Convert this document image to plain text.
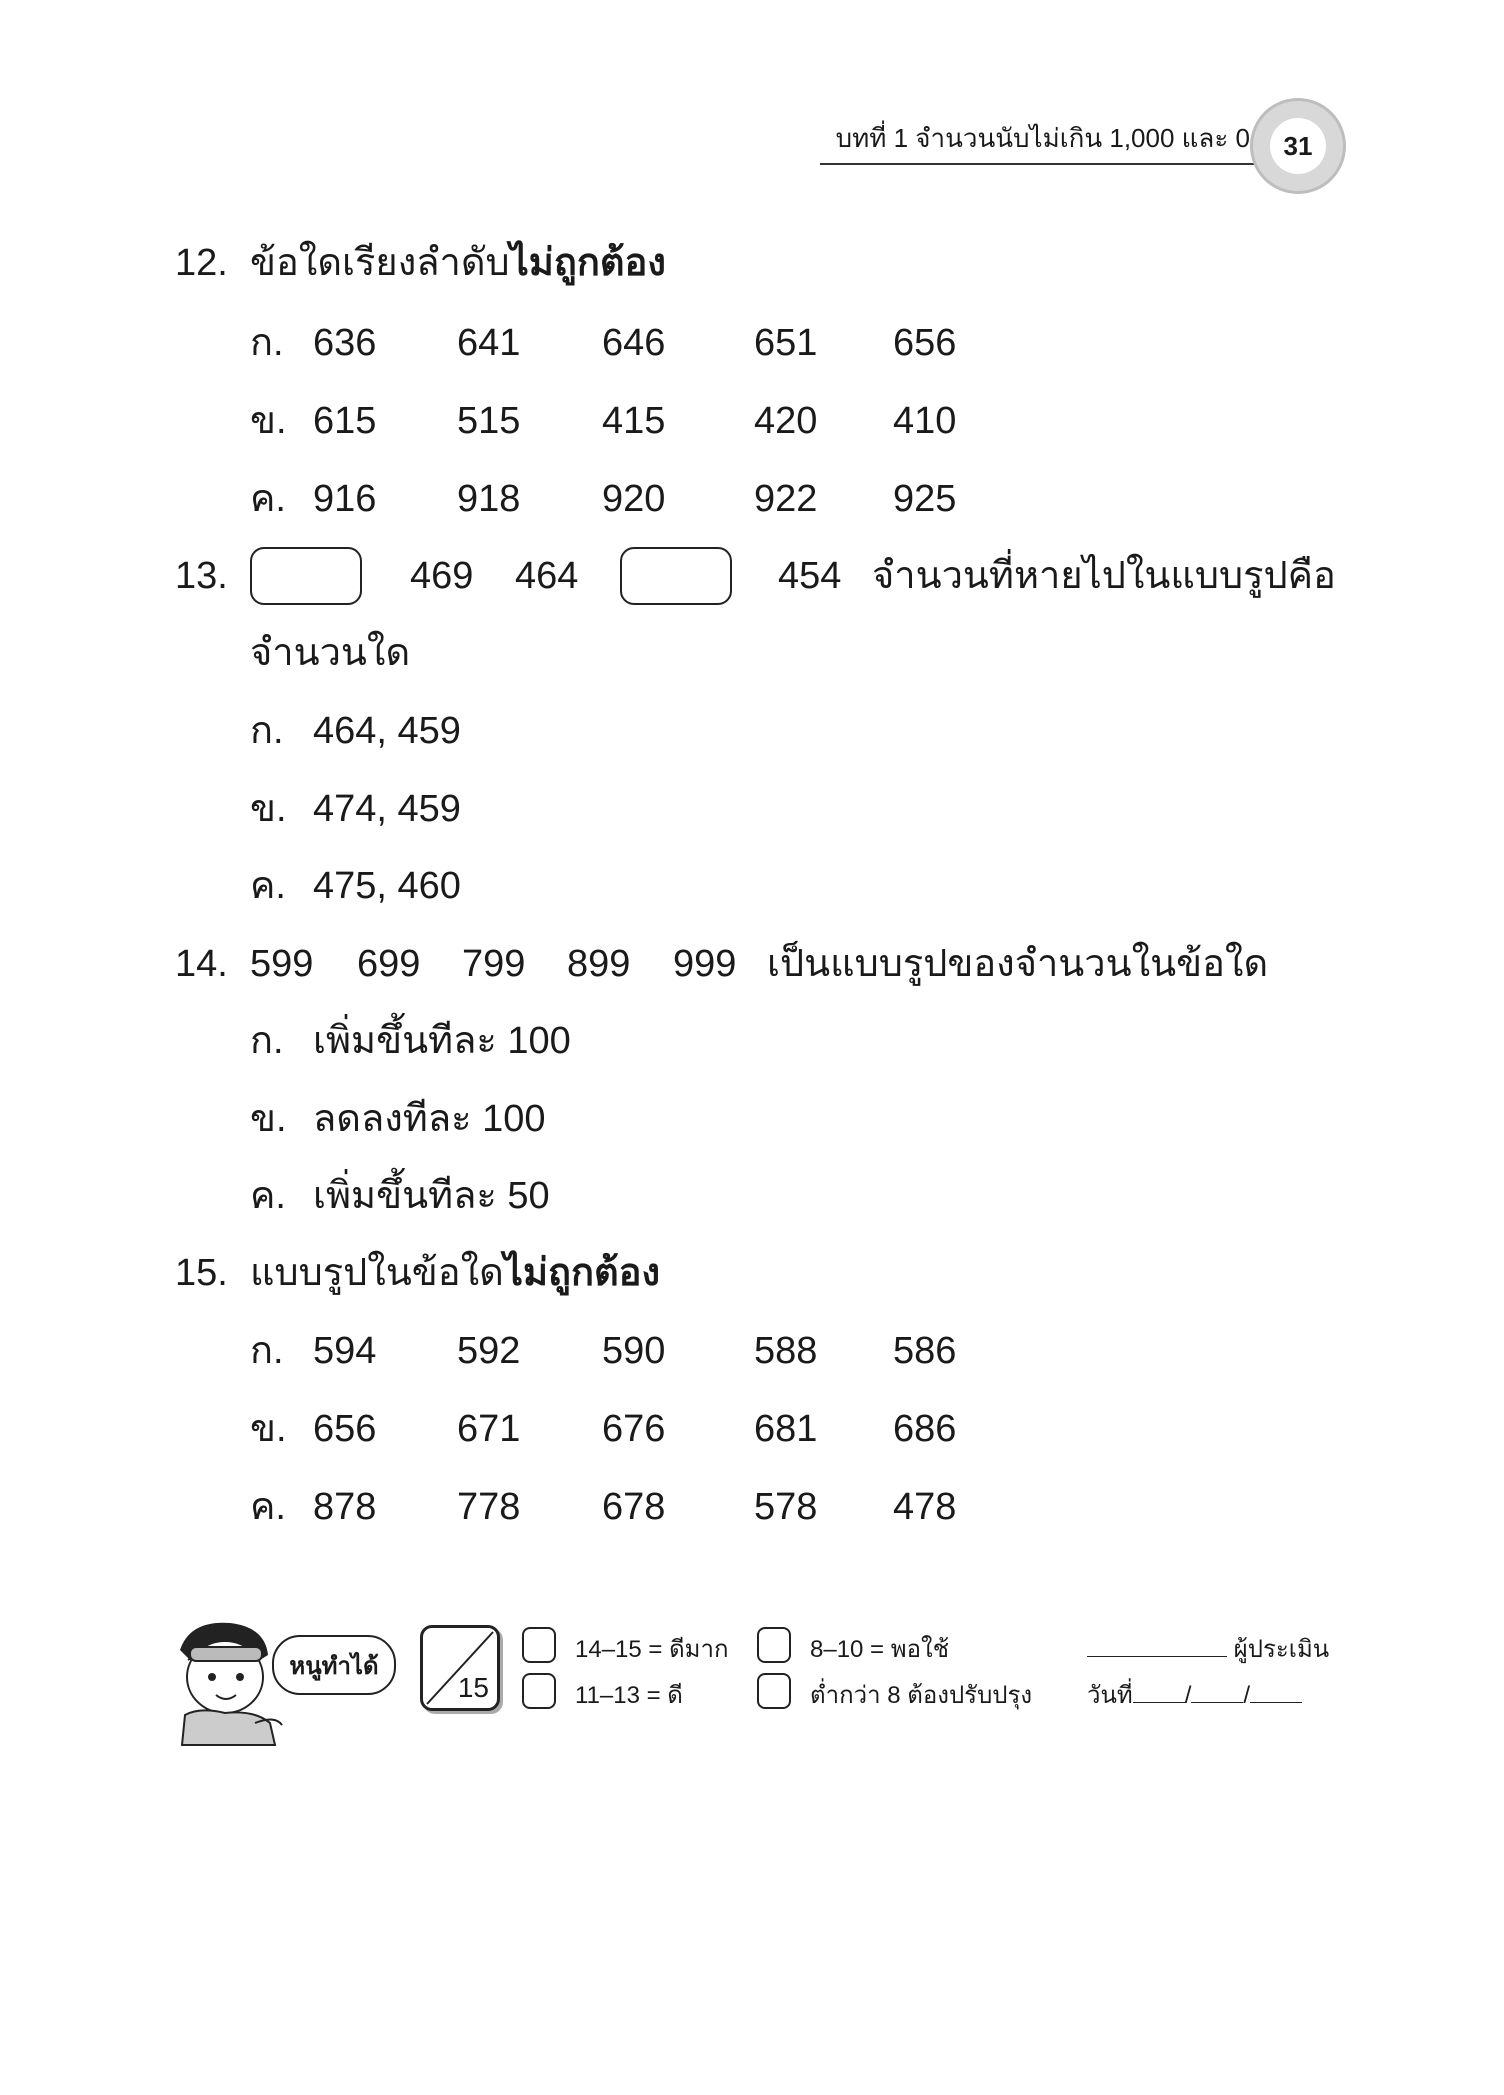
บทที่ 1 จำนวนนับไม่เกิน 1,000 และ 0	31
12. ข้อใดเรียงลำดับไม่ถูกต้อง
ก. 636 641 646 651 656
ข. 615 515 415 420 410
ค. 916 918 920 922 925
13.	469 464	454 จำนวนที่หายไปในแบบรูปคือ
จำนวนใด
ก. 464, 459
ข. 474, 459
ค. 475, 460
14. 599 699 799 899 999 เป็นแบบรูปของจำนวนในข้อใด
ก. เพิ่มขึ้นทีละ 100
ข. ลดลงทีละ 100
ค. เพิ่มขึ้นทีละ 50
15. แบบรูปในข้อใดไม่ถูกต้อง
ก. 594 592 590 588 586
ข. 656 671 676 681 686
ค. 878 778 678 578 478
หนูทำได้
15
14–15 = ดีมาก
11–13 = ดี
8–10 = พอใช้
ต่ำกว่า 8 ต้องปรับปรุง
ผู้ประเมิน
วันที่ / /
